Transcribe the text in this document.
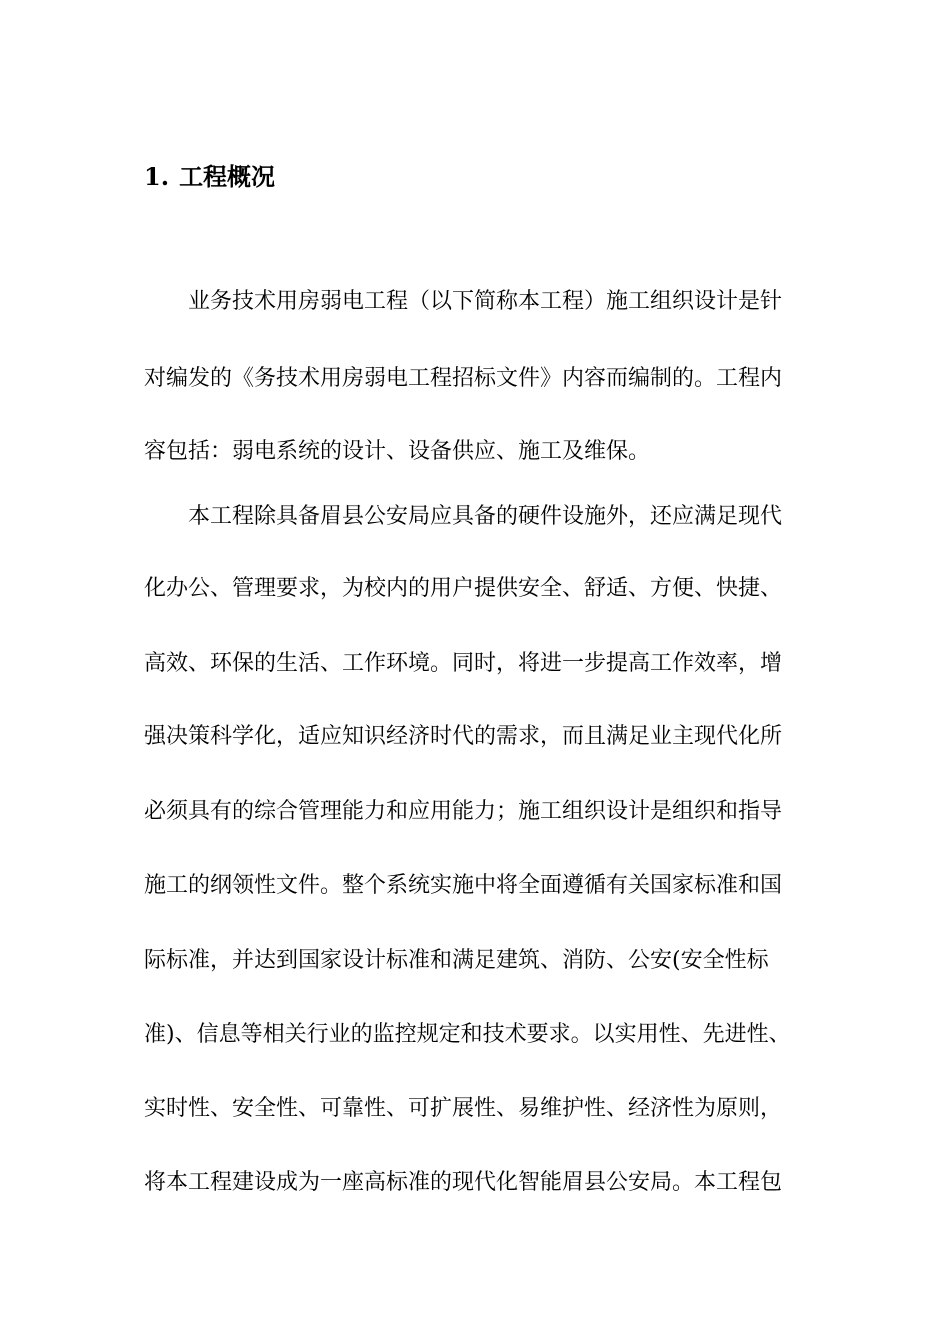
1. 工程概况

业务技术用房弱电工程（以下简称本工程）施工组织设计是针

对编发的《务技术用房弱电工程招标文件》内容而编制的。工程内

容包括：弱电系统的设计、设备供应、施工及维保。

本工程除具备眉县公安局应具备的硬件设施外，还应满足现代

化办公、管理要求，为校内的用户提供安全、舒适、方便、快捷、

高效、环保的生活、工作环境。同时，将进一步提高工作效率，增

强决策科学化，适应知识经济时代的需求，而且满足业主现代化所

必须具有的综合管理能力和应用能力；施工组织设计是组织和指导

施工的纲领性文件。整个系统实施中将全面遵循有关国家标准和国

际标准，并达到国家设计标准和满足建筑、消防、公安(安全性标

准)、信息等相关行业的监控规定和技术要求。以实用性、先进性、

实时性、安全性、可靠性、可扩展性、易维护性、经济性为原则，

将本工程建设成为一座高标准的现代化智能眉县公安局。本工程包
